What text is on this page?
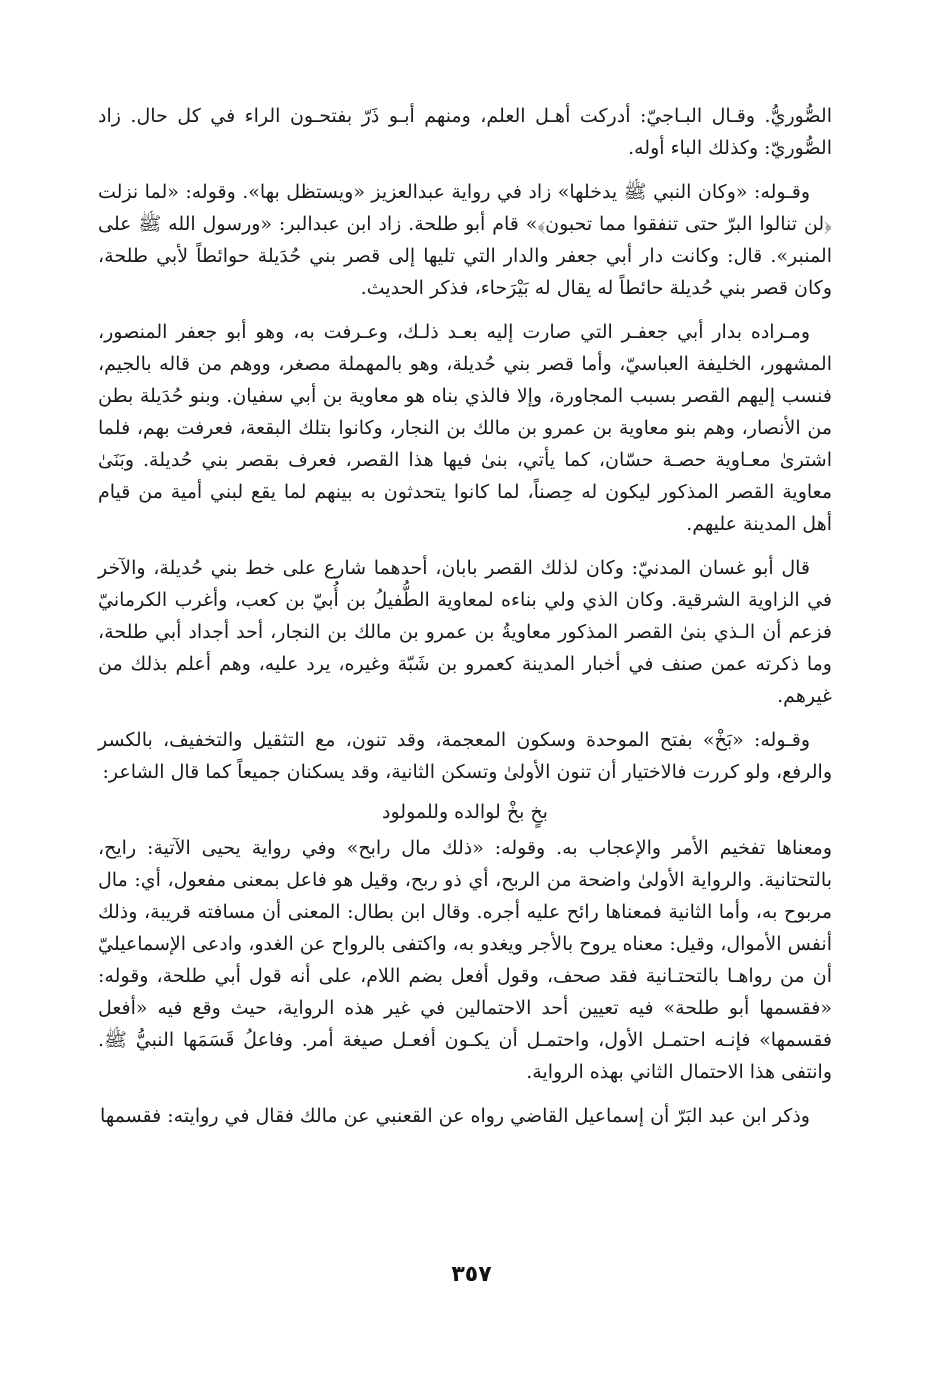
الصُّوريُّ. وقـال البـاجيّ: أدركت أهـل العلم، ومنهم أبـو ذَرّ بفتحـون الراء في كل حال. زاد الصُّوريّ: وكذلك الباء أوله.

وقـوله: «وكان النبي ﷺ يدخلها» زاد في رواية عبدالعزيز «ويستظل بها». وقوله: «لما نزلت ﴿لن تنالوا البرّ حتى تنفقوا مما تحبون﴾» قام أبو طلحة. زاد ابن عبدالبر: «ورسول الله ﷺ على المنبر». قال: وكانت دار أبي جعفر والدار التي تليها إلى قصر بني حُدَيلة حوائطاً لأبي طلحة، وكان قصر بني حُديلة حائطاً له يقال له بَيْرَحاء، فذكر الحديث.

ومـراده بدار أبي جعفـر التي صارت إليه بعـد ذلـك، وعـرفت به، وهو أبو جعفر المنصور، المشهور، الخليفة العباسيّ، وأما قصر بني حُديلة، وهو بالمهملة مصغر، ووهم من قاله بالجيم، فنسب إليهم القصر بسبب المجاورة، وإلا فالذي بناه هو معاوية بن أبي سفيان. وبنو حُدَيلة بطن من الأنصار، وهم بنو معاوية بن عمرو بن مالك بن النجار، وكانوا بتلك البقعة، فعرفت بهم، فلما اشترىٰ معـاوية حصـة حسّان، كما يأتي، بنىٰ فيها هذا القصر، فعرف بقصر بني حُديلة. وبَنَىٰ معاوية القصر المذكور ليكون له حِصناً، لما كانوا يتحدثون به بينهم لما يقع لبني أمية من قيام أهل المدينة عليهم.

قال أبو غسان المدنيّ: وكان لذلك القصر بابان، أحدهما شارع على خط بني حُديلة، والآخر في الزاوية الشرقية. وكان الذي ولي بناءه لمعاوية الطُّفيلُ بن أُبيّ بن كعب، وأغرب الكرمانيّ فزعم أن الـذي بنىٰ القصر المذكور معاويةُ بن عمرو بن مالك بن النجار، أحد أجداد أبي طلحة، وما ذكرته عمن صنف في أخبار المدينة كعمرو بن شَبّة وغيره، يرد عليه، وهم أعلم بذلك من غيرهم.

وقـوله: «بَخْ» بفتح الموحدة وسكون المعجمة، وقد تنون، مع التثقيل والتخفيف، بالكسر والرفع، ولو كررت فالاختيار أن تنون الأولىٰ وتسكن الثانية، وقد يسكنان جميعاً كما قال الشاعر:

بخٍ بخْ لوالده وللمولود

ومعناها تفخيم الأمر والإعجاب به. وقوله: «ذلك مال رابح» وفي رواية يحيى الآتية: رايح، بالتحتانية. والرواية الأولىٰ واضحة من الربح، أي ذو ربح، وقيل هو فاعل بمعنى مفعول، أي: مال مربوح به، وأما الثانية فمعناها رائح عليه أجره. وقال ابن بطال: المعنى أن مسافته قريبة، وذلك أنفس الأموال، وقيل: معناه يروح بالأجر ويغدو به، واكتفى بالرواح عن الغدو، وادعى الإسماعيليّ أن من رواهـا بالتحتـانية فقد صحف، وقول أفعل بضم اللام، على أنه قول أبي طلحة، وقوله: «فقسمها أبو طلحة» فيه تعيين أحد الاحتمالين في غير هذه الرواية، حيث وقع فيه «أفعل فقسمها» فإنـه احتمـل الأول، واحتمـل أن يكـون أفعـل صيغة أمر. وفاعلُ قَسَمَها النبيُّ ﷺ. وانتفى هذا الاحتمال الثاني بهذه الرواية.

وذكر ابن عبد البَرّ أن إسماعيل القاضي رواه عن القعنبي عن مالك فقال في روايته: فقسمها

٣٥٧
